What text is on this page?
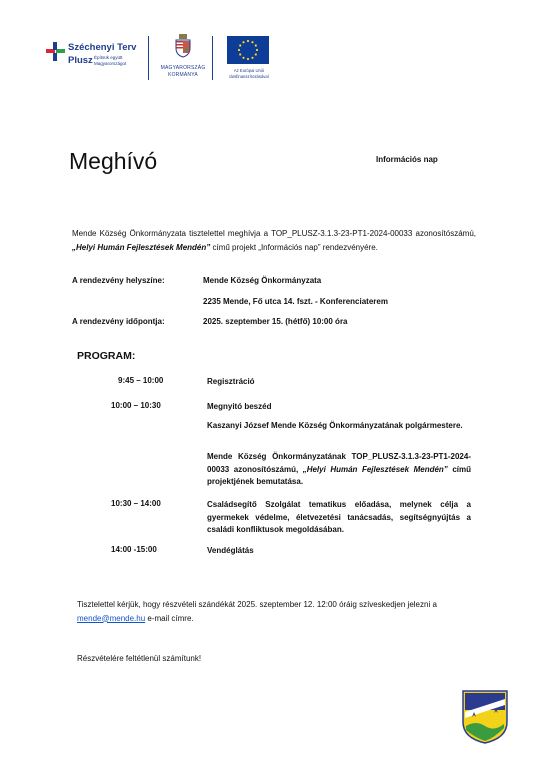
Széchenyi Terv
Plusz Építsük együtt
Magyarországot
MAGYARORSZÁG
KORMÁNYA
Az Európai Unió
társfinanszírozásával
Meghívó	Információs nap
Mende Község Önkormányzata tisztelettel meghívja a TOP_PLUSZ-3.1.3-23-PT1-2024-00033 azonosítószámú, „Helyi Humán Fejlesztések Mendén” című projekt „Információs nap” rendezvényére.
A rendezvény helyszíne:	Mende Község Önkormányzata
2235 Mende, Fő utca 14. fszt. - Konferenciaterem
A rendezvény időpontja:	2025. szeptember 15. (hétfő) 10:00 óra
PROGRAM:
9:45 – 10:00	Regisztráció
10:00 – 10:30	Megnyitó beszéd
Kaszanyi József Mende Község Önkormányzatának polgármestere.
Mende Község Önkormányzatának TOP_PLUSZ-3.1.3-23-PT1-2024-00033 azonosítószámú, „Helyi Humán Fejlesztések Mendén” című projektjének bemutatása.
10:30 – 14:00	Családsegítő Szolgálat tematikus előadása, melynek célja a gyermekek védelme, életvezetési tanácsadás, segítségnyújtás a családi konfliktusok megoldásában.
14:00 -15:00	Vendéglátás
Tisztelettel kérjük, hogy részvételi szándékát 2025. szeptember 12. 12:00 óráig szíveskedjen jelezni a mende@mende.hu e-mail címre.
Részvételére feltétlenül számítunk!
